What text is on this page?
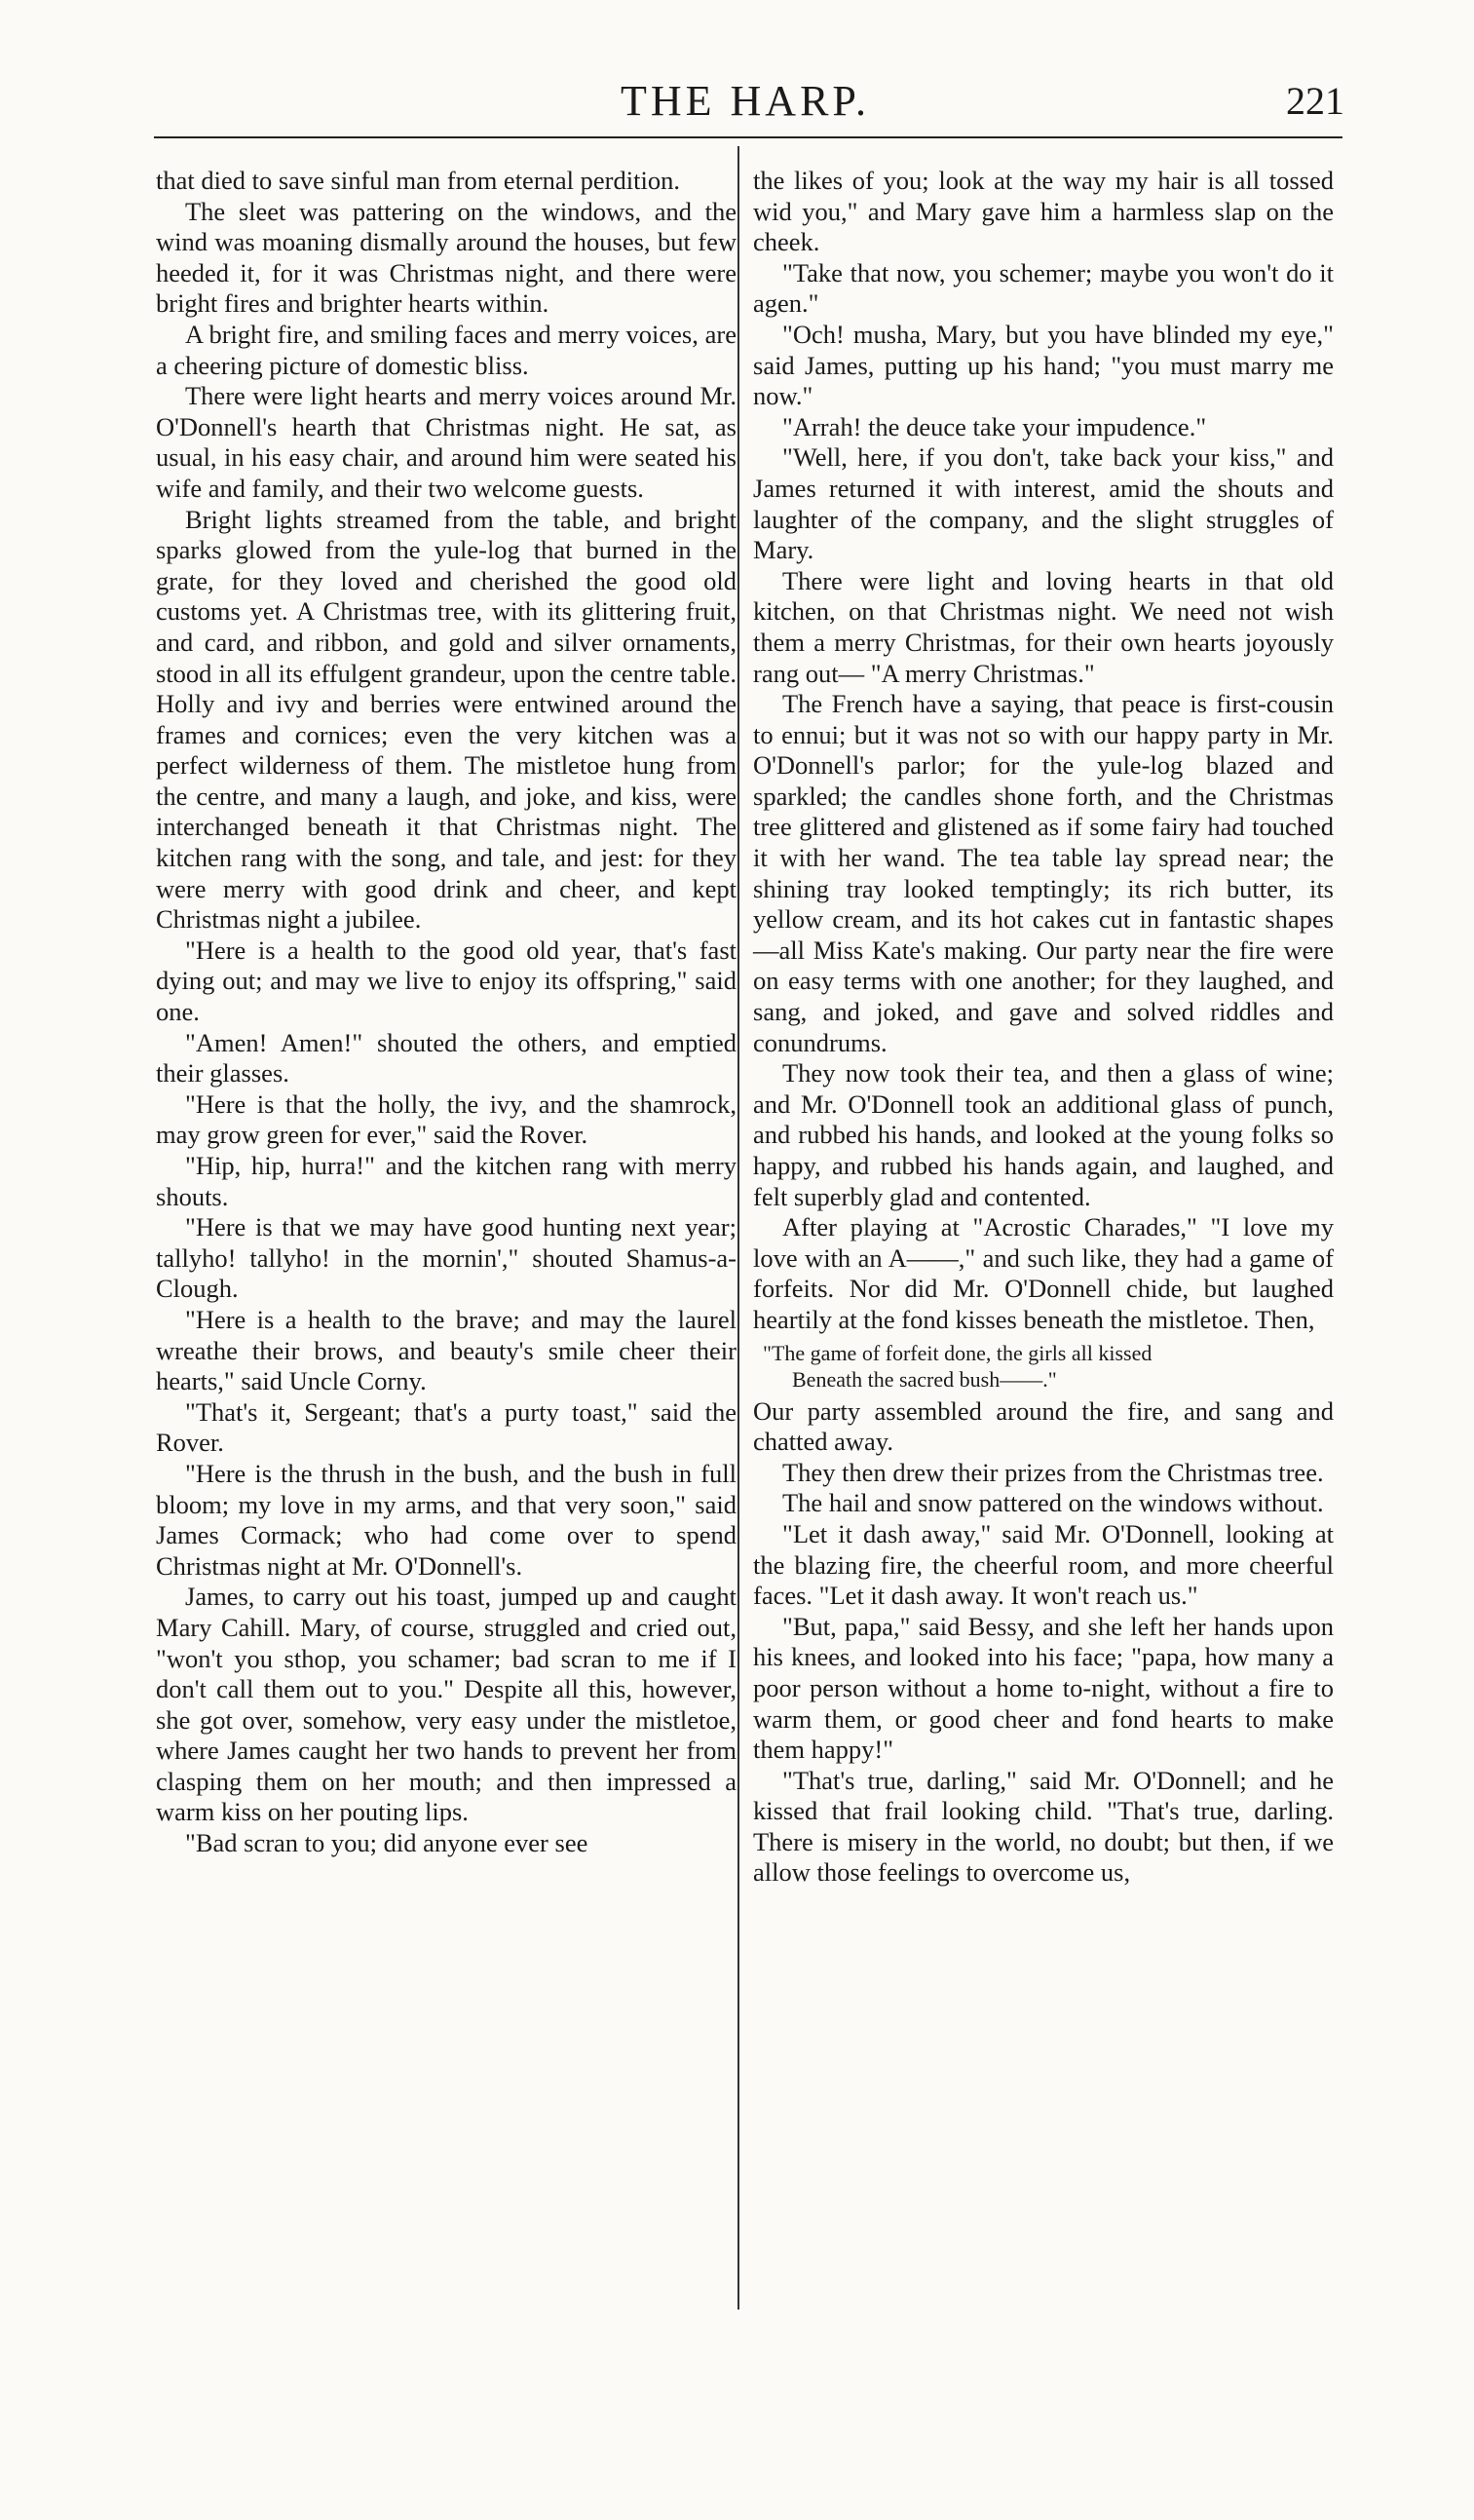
THE HARP.	221

that died to save sinful man from eternal perdition.

The sleet was pattering on the windows, and the wind was moaning dismally around the houses, but few heeded it, for it was Christmas night, and there were bright fires and brighter hearts within.

A bright fire, and smiling faces and merry voices, are a cheering picture of domestic bliss.

There were light hearts and merry voices around Mr. O'Donnell's hearth that Christmas night. He sat, as usual, in his easy chair, and around him were seated his wife and family, and their two welcome guests.

Bright lights streamed from the table, and bright sparks glowed from the yule-log that burned in the grate, for they loved and cherished the good old customs yet. A Christmas tree, with its glittering fruit, and card, and ribbon, and gold and silver ornaments, stood in all its effulgent grandeur, upon the centre table. Holly and ivy and berries were entwined around the frames and cornices; even the very kitchen was a perfect wilderness of them. The mistletoe hung from the centre, and many a laugh, and joke, and kiss, were interchanged beneath it that Christmas night. The kitchen rang with the song, and tale, and jest: for they were merry with good drink and cheer, and kept Christmas night a jubilee.

"Here is a health to the good old year, that's fast dying out; and may we live to enjoy its offspring," said one.

"Amen! Amen!" shouted the others, and emptied their glasses.

"Here is that the holly, the ivy, and the shamrock, may grow green for ever," said the Rover.

"Hip, hip, hurra!" and the kitchen rang with merry shouts.

"Here is that we may have good hunting next year; tallyho! tallyho! in the mornin'," shouted Shamus-a-Clough.

"Here is a health to the brave; and may the laurel wreathe their brows, and beauty's smile cheer their hearts," said Uncle Corny.

"That's it, Sergeant; that's a purty toast," said the Rover.

"Here is the thrush in the bush, and the bush in full bloom; my love in my arms, and that very soon," said James Cormack; who had come over to spend Christmas night at Mr. O'Donnell's.

James, to carry out his toast, jumped up and caught Mary Cahill. Mary, of course, struggled and cried out, "won't you sthop, you schamer; bad scran to me if I don't call them out to you." Despite all this, however, she got over, somehow, very easy under the mistletoe, where James caught her two hands to prevent her from clasping them on her mouth; and then impressed a warm kiss on her pouting lips.

"Bad scran to you; did anyone ever see

the likes of you; look at the way my hair is all tossed wid you," and Mary gave him a harmless slap on the cheek.

"Take that now, you schemer; maybe you won't do it agen."

"Och! musha, Mary, but you have blinded my eye," said James, putting up his hand; "you must marry me now."

"Arrah! the deuce take your impudence."

"Well, here, if you don't, take back your kiss," and James returned it with interest, amid the shouts and laughter of the company, and the slight struggles of Mary.

There were light and loving hearts in that old kitchen, on that Christmas night. We need not wish them a merry Christmas, for their own hearts joyously rang out— "A merry Christmas."

The French have a saying, that peace is first-cousin to ennui; but it was not so with our happy party in Mr. O'Donnell's parlor; for the yule-log blazed and sparkled; the candles shone forth, and the Christmas tree glittered and glistened as if some fairy had touched it with her wand. The tea table lay spread near; the shining tray looked temptingly; its rich butter, its yellow cream, and its hot cakes cut in fantastic shapes—all Miss Kate's making. Our party near the fire were on easy terms with one another; for they laughed, and sang, and joked, and gave and solved riddles and conundrums.

They now took their tea, and then a glass of wine; and Mr. O'Donnell took an additional glass of punch, and rubbed his hands, and looked at the young folks so happy, and rubbed his hands again, and laughed, and felt superbly glad and contented.

After playing at "Acrostic Charades," "I love my love with an A——," and such like, they had a game of forfeits. Nor did Mr. O'Donnell chide, but laughed heartily at the fond kisses beneath the mistletoe. Then,

"The game of forfeit done, the girls all kissed
Beneath the sacred bush——."

Our party assembled around the fire, and sang and chatted away.

They then drew their prizes from the Christmas tree.

The hail and snow pattered on the windows without.

"Let it dash away," said Mr. O'Donnell, looking at the blazing fire, the cheerful room, and more cheerful faces. "Let it dash away. It won't reach us."

"But, papa," said Bessy, and she left her hands upon his knees, and looked into his face; "papa, how many a poor person without a home to-night, without a fire to warm them, or good cheer and fond hearts to make them happy!"

"That's true, darling," said Mr. O'Donnell; and he kissed that frail looking child. "That's true, darling. There is misery in the world, no doubt; but then, if we allow those feelings to overcome us,
